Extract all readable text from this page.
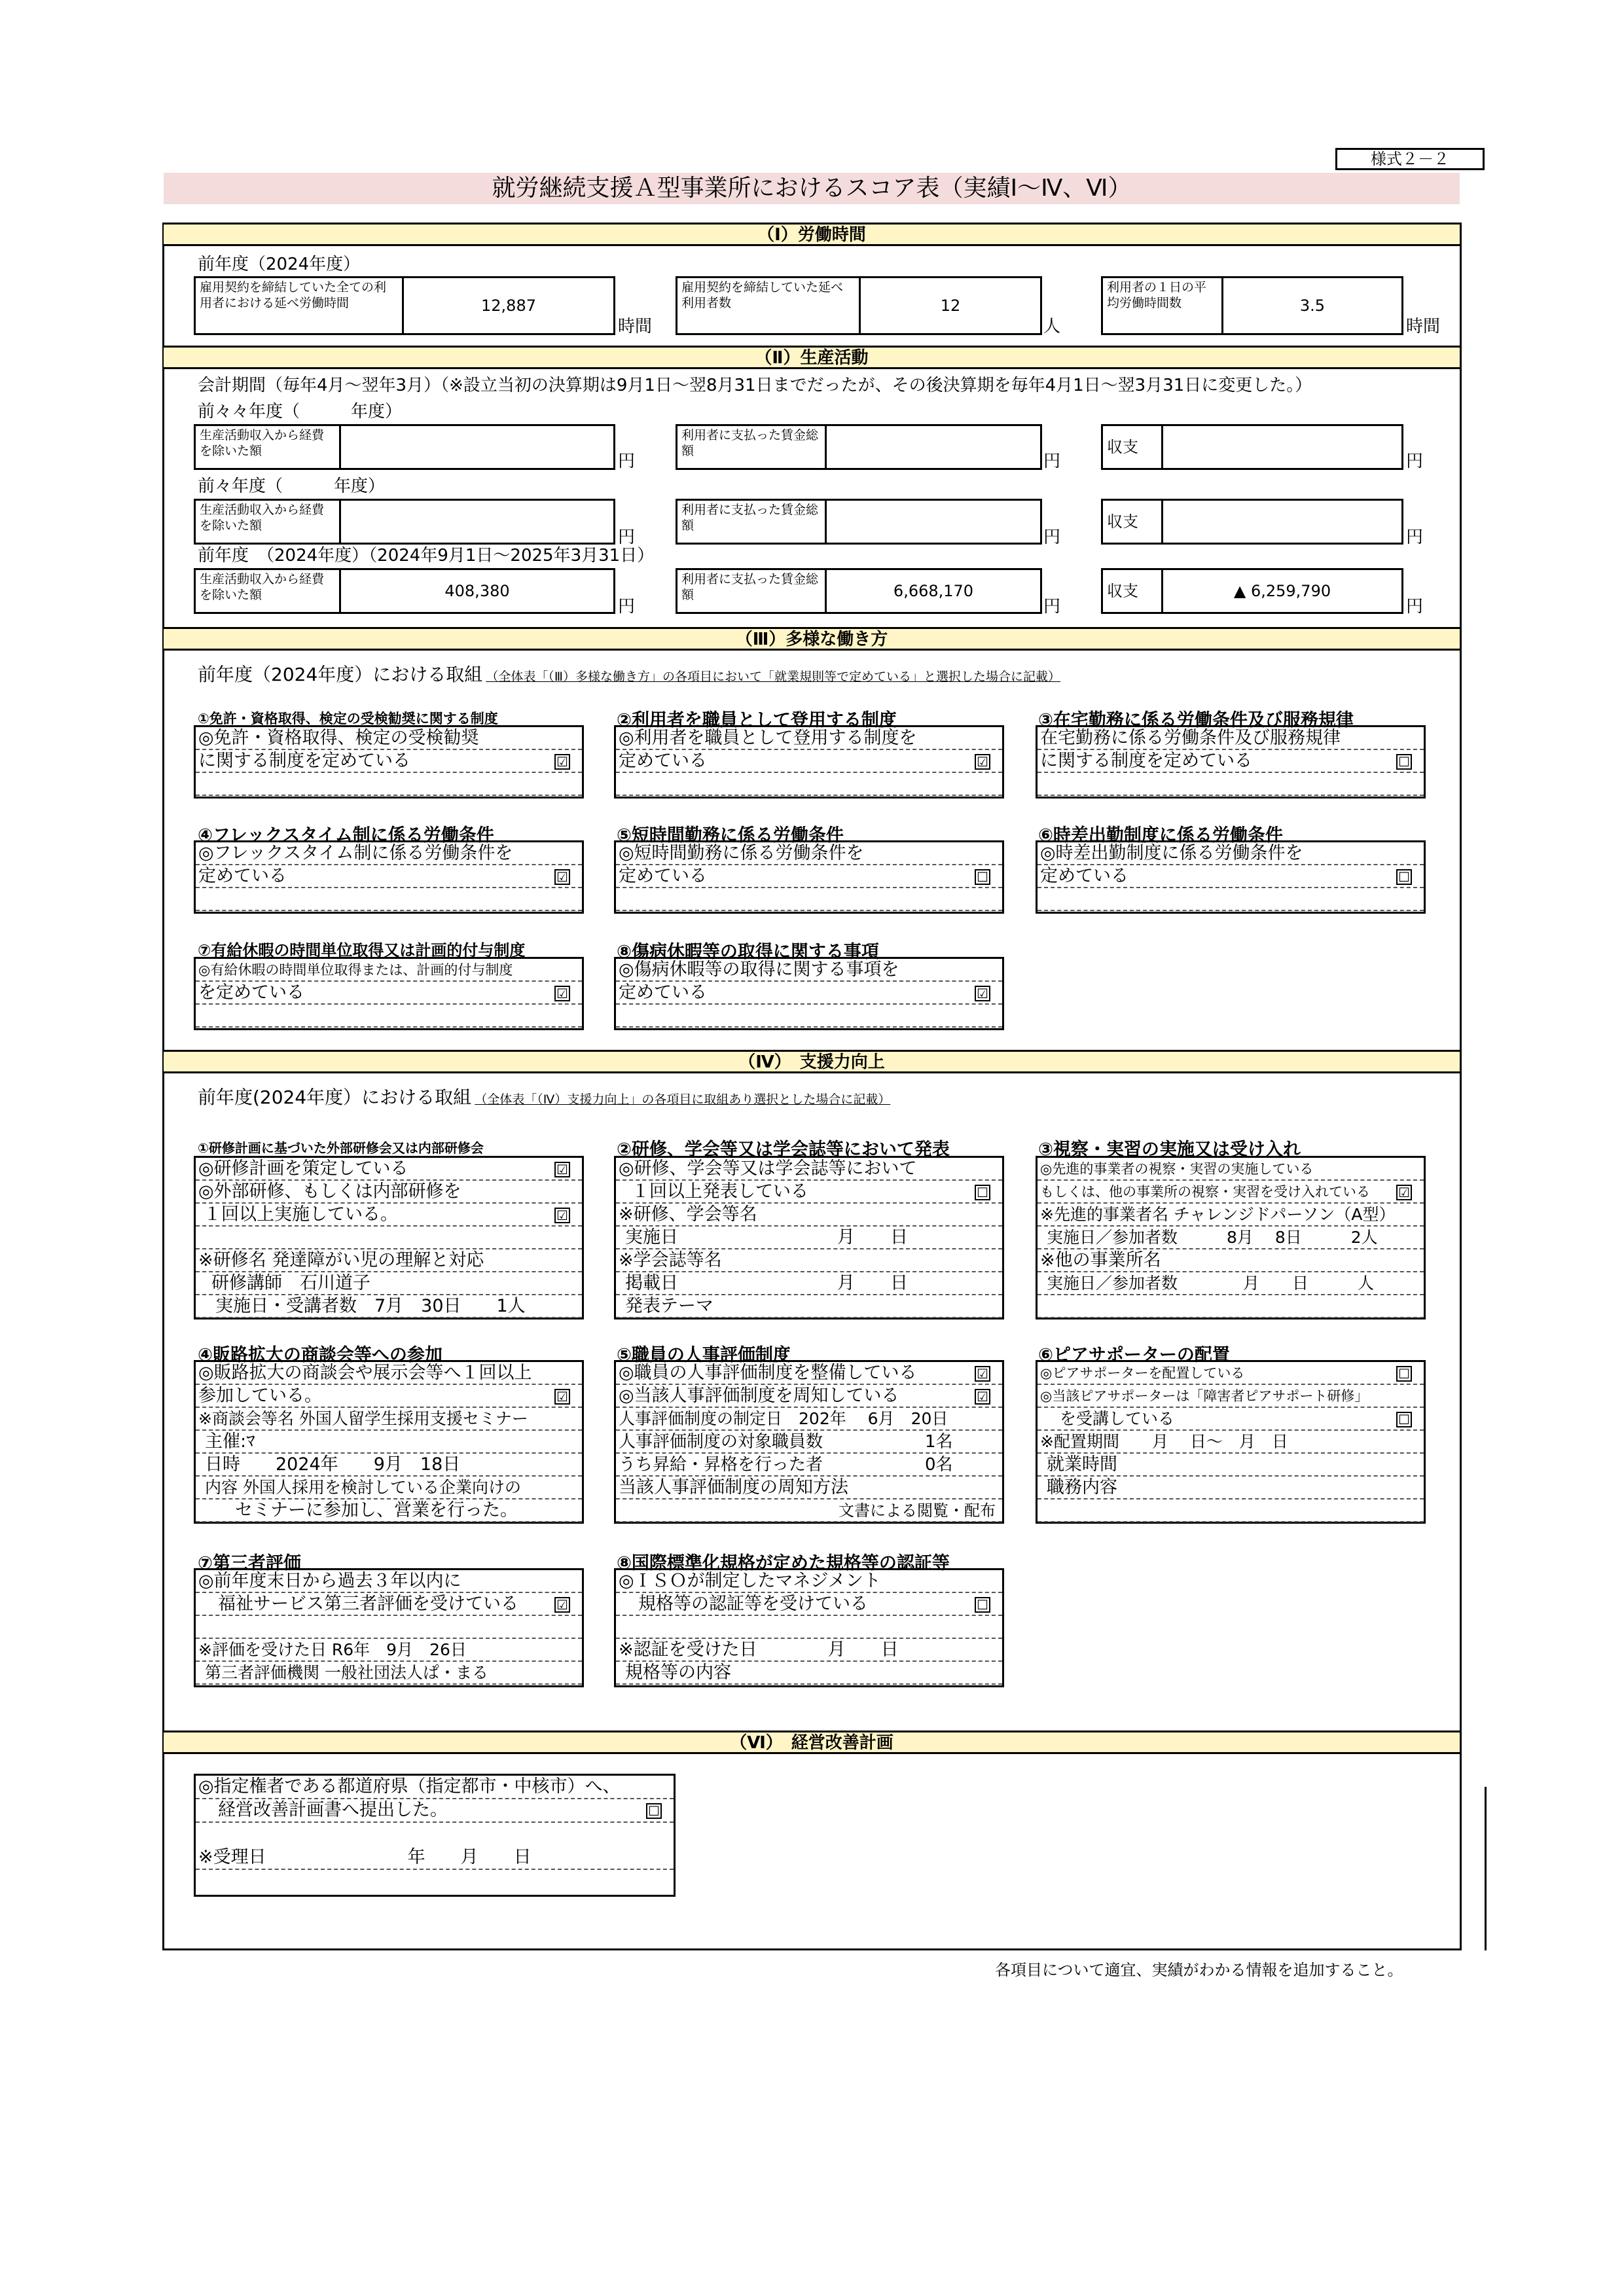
様式２－２
就労継続支援Ａ型事業所におけるスコア表（実績Ⅰ～Ⅳ、Ⅵ）
（Ⅰ）労働時間
前年度（2024年度）
雇用契約を締結していた全ての利用者における延べ労働時間	12,887
時間
雇用契約を締結していた延べ利用者数	12
人
利用者の１日の平均労働時間数	3.5
時間
（Ⅱ）生産活動
会計期間（毎年4月～翌年3月）（※設立当初の決算期は9月1日～翌8月31日までだったが、その後決算期を毎年4月1日～翌3月31日に変更した。）
前々々年度（　　　年度）
生産活動収入から経費を除いた額
円
利用者に支払った賃金総額
円
収支
円
前々年度（　　　年度）
生産活動収入から経費を除いた額
円
利用者に支払った賃金総額
円
収支
円
前年度　（2024年度）（2024年9月1日～2025年3月31日）
生産活動収入から経費を除いた額	408,380
円
利用者に支払った賃金総額	6,668,170
円
収支	▲ 6,259,790
円
（Ⅲ）多様な働き方
前年度（2024年度）における取組 （全体表「（Ⅲ）多様な働き方」の各項目において「就業規則等で定めている」と選択した場合に記載）
①免許・資格取得、検定の受検勧奨に関する制度
◎免許・資格取得、検定の受検勧奨
に関する制度を定めている	☑
②利用者を職員として登用する制度
◎利用者を職員として登用する制度を
定めている	☑
③在宅勤務に係る労働条件及び服務規律
在宅勤務に係る労働条件及び服務規律
に関する制度を定めている	☐
④フレックスタイム制に係る労働条件
◎フレックスタイム制に係る労働条件を
定めている	☑
⑤短時間勤務に係る労働条件
◎短時間勤務に係る労働条件を
定めている	☐
⑥時差出勤制度に係る労働条件
◎時差出勤制度に係る労働条件を
定めている	☐
⑦有給休暇の時間単位取得又は計画的付与制度
◎有給休暇の時間単位取得または、計画的付与制度
を定めている	☑
⑧傷病休暇等の取得に関する事項
◎傷病休暇等の取得に関する事項を
定めている	☑
（Ⅳ）　支援力向上
前年度(2024年度）における取組 （全体表「（Ⅳ）支援力向上」の各項目に取組あり選択とした場合に記載）
①研修計画に基づいた外部研修会又は内部研修会
◎研修計画を策定している	☑
◎外部研修、もしくは内部研修を
１回以上実施している。	☑
※研修名 発達障がい児の理解と対応
研修講師　石川道子
実施日・受講者数　7月　30日　　1人
②研修、学会等又は学会誌等において発表
◎研修、学会等又は学会誌等において
１回以上発表している	☐
※研修、学会等名
実施日　　　　　　　　　月　　日
※学会誌等名
掲載日　　　　　　　　　月　　日
発表テーマ
③視察・実習の実施又は受け入れ
◎先進的事業者の視察・実習の実施している
もしくは、他の事業所の視察・実習を受け入れている ☑
※先進的事業者名 チャレンジドパーソン（A型）
実施日／参加者数　　　8月　 8日　　　2人
※他の事業所名
実施日／参加者数　　　　月　　日　　　人
④販路拡大の商談会等への参加
◎販路拡大の商談会や展示会等へ１回以上
参加している。	☑
※商談会等名 外国人留学生採用支援セミナー
主催:ﾏ
日時　　2024年　　9月　18日
内容 外国人採用を検討している企業向けの
セミナーに参加し、営業を行った。
⑤職員の人事評価制度
◎職員の人事評価制度を整備している	☑
◎当該人事評価制度を周知している	☑
人事評価制度の制定日　202年　 6月　20日
人事評価制度の対象職員数　　　　　　1名
うち昇給・昇格を行った者　　　　　　0名
当該人事評価制度の周知方法
文書による閲覧・配布
⑥ピアサポーターの配置
◎ピアサポーターを配置している	☐
◎当該ピアサポーターは「障害者ピアサポート研修」
を受講している	☐
※配置期間　　月　 日～　月　日
就業時間
職務内容
⑦第三者評価
◎前年度末日から過去３年以内に
福祉サービス第三者評価を受けている	☑
※評価を受けた日 R6年　9月　26日
第三者評価機関 一般社団法人ぱ・まる
⑧国際標準化規格が定めた規格等の認証等
◎ＩＳＯが制定したマネジメント
規格等の認証等を受けている	☐
※認証を受けた日　　　　月　　日
規格等の内容
（Ⅵ）　経営改善計画
◎指定権者である都道府県（指定都市・中核市）へ、
経営改善計画書へ提出した。	☐
※受理日　　　　　　　　年　　月　　日
各項目について適宜、実績がわかる情報を追加すること。
